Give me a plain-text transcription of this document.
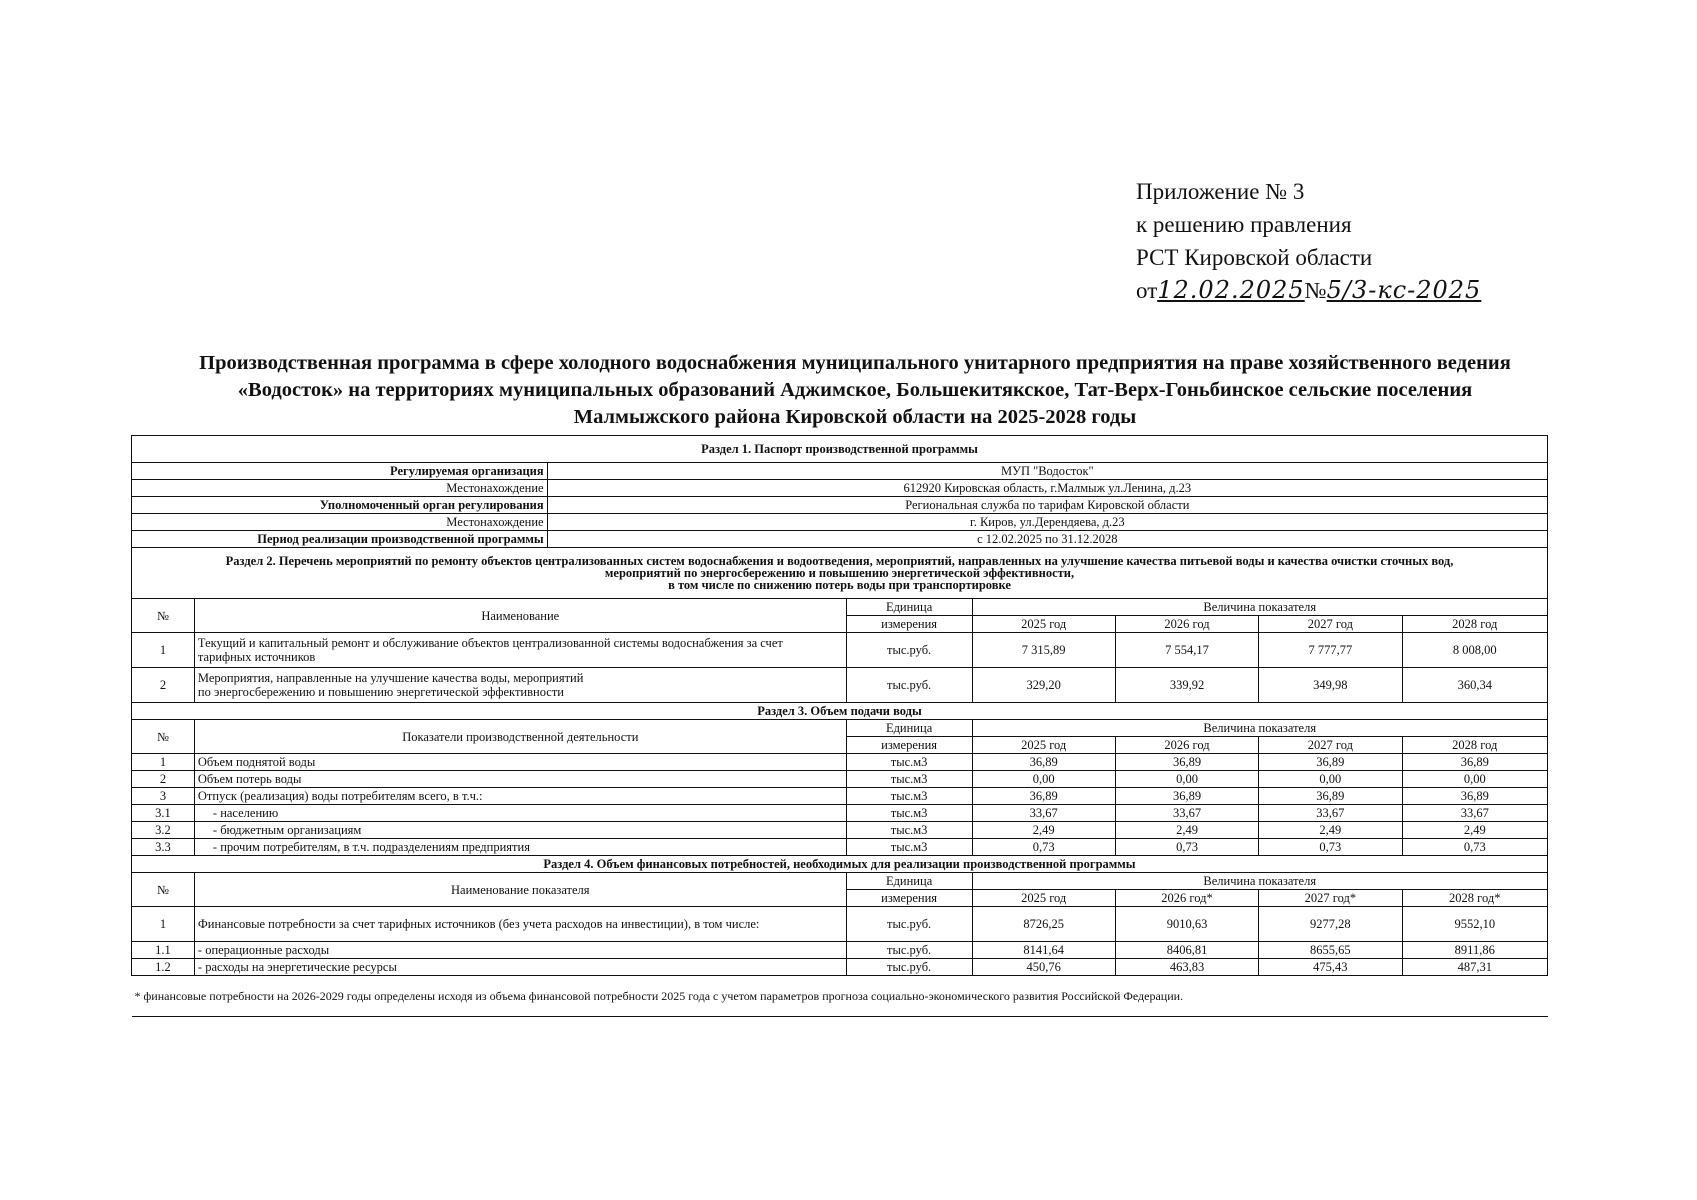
Приложение № 3
к решению правления
РСТ Кировской области
от12.02.2025№5/3-кс-2025
Производственная программа в сфере холодного водоснабжения муниципального унитарного предприятия на праве хозяйственного ведения
«Водосток» на территориях муниципальных образований Аджимское, Большекитякское, Тат-Верх-Гоньбинское сельские поселения
Малмыжского района Кировской области на 2025-2028 годы
Раздел 1. Паспорт производственной программы							
Регулируемая организация		МУП "Водосток"					
Местонахождение		612920 Кировская область, г.Малмыж ул.Ленина, д.23					
Уполномоченный орган регулирования		Региональная служба по тарифам Кировской области					
Местонахождение		г. Киров, ул.Дерендяева, д.23					
Период реализации производственной программы		с 12.02.2025 по 31.12.2028					

Раздел 2. Перечень мероприятий по ремонту объектов централизованных систем водоснабжения и водоотведения, мероприятий, направленных на улучшение качества питьевой воды и качества очистки сточных вод,
мероприятий по энергосбережению и повышению энергетической эффективности,
в том числе по снижению потерь воды при транспортировке							

№	Наименование		Единица	Величина показателя			
			измерения	2025 год	2026 год	2027 год	2028 год
1	Текущий и капитальный ремонт и обслуживание объектов централизованной системы водоснабжения за счет
тарифных источников		тыс.руб.	7 315,89	7 554,17	7 777,77	8 008,00
2	Мероприятия, направленные на улучшение качества воды, мероприятий
по энергосбережению и повышению энергетической эффективности		тыс.руб.	329,20	339,92	349,98	360,34
Раздел 3. Объем подачи воды							
№	Показатели производственной деятельности		Единица	Величина показателя			
			измерения	2025 год	2026 год	2027 год	2028 год
1	Объем поднятой воды		тыс.м3	36,89	36,89	36,89	36,89
2	Объем потерь воды		тыс.м3	0,00	0,00	0,00	0,00
3	Отпуск (реализация) воды потребителям всего, в т.ч.:		тыс.м3	36,89	36,89	36,89	36,89
3.1	- населению		тыс.м3	33,67	33,67	33,67	33,67
3.2	- бюджетным организациям		тыс.м3	2,49	2,49	2,49	2,49
3.3	- прочим потребителям, в т.ч. подразделениям предприятия		тыс.м3	0,73	0,73	0,73	0,73
Раздел 4. Объем финансовых потребностей, необходимых для реализации производственной программы							
№	Наименование показателя		Единица	Величина показателя			
			измерения	2025 год	2026 год*	2027 год*	2028 год*
1	Финансовые потребности за счет тарифных источников (без учета расходов на инвестиции), в том числе:		тыс.руб.	8726,25	9010,63	9277,28	9552,10
1.1	- операционные расходы		тыс.руб.	8141,64	8406,81	8655,65	8911,86
1.2	- расходы на энергетические ресурсы		тыс.руб.	450,76	463,83	475,43	487,31
* финансовые потребности на 2026-2029 годы определены исходя из объема финансовой потребности 2025 года с учетом параметров прогноза социально-экономического развития Российской Федерации.							
